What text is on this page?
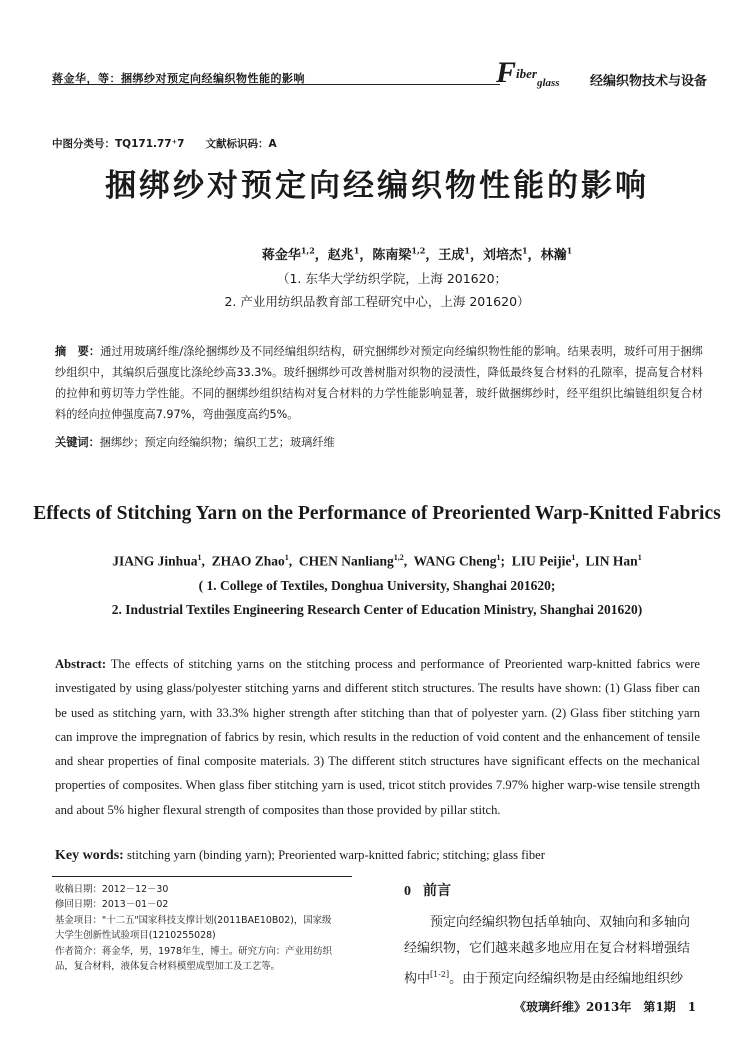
蒋金华，等：捆绑纱对预定向经编织物性能的影响	$F^{iber}_{glass}$ 经编织物技术与设备
中图分类号：TQ171.77⁺7　　文献标识码：A
捆绑纱对预定向经编织物性能的影响
蒋金华$^{1,2}$，赵兆$^1$，陈南梁$^{1,2}$，王成$^1$，刘培杰$^1$，林瀚$^1$
（1. 东华大学纺织学院，上海 201620；
2. 产业用纺织品教育部工程研究中心，上海 201620）
摘　要：通过用玻璃纤维/涤纶捆绑纱及不同经编组织结构，研究捆绑纱对预定向经编织物性能的影响。结果表明，玻纤可用于捆绑纱组织中，其编织后强度比涤纶纱高33.3%。玻纤捆绑纱可改善树脂对织物的浸渍性，降低最终复合材料的孔隙率，提高复合材料的拉伸和剪切等力学性能。不同的捆绑纱组织结构对复合材料的力学性能影响显著，玻纤做捆绑纱时，经平组织比编链组织复合材料的经向拉伸强度高7.97%，弯曲强度高约5%。
关键词：捆绑纱；预定向经编织物；编织工艺；玻璃纤维
Effects of Stitching Yarn on the Performance of Preoriented Warp-Knitted Fabrics
JIANG Jinhua$^1$,  ZHAO Zhao$^1$,  CHEN Nanliang$^{1,2}$,  WANG Cheng$^1$;  LIU Peijie$^1$,  LIN Han$^1$
( 1. College of Textiles, Donghua University, Shanghai 201620;
2. Industrial Textiles Engineering Research Center of Education Ministry, Shanghai 201620)
Abstract: The effects of stitching yarns on the stitching process and performance of Preoriented warp-knitted fabrics were investigated by using glass/polyester stitching yarns and different stitch structures. The results have shown: (1) Glass fiber can be used as stitching yarn, with 33.3% higher strength after stitching than that of polyester yarn. (2) Glass fiber stitching yarn can improve the impregnation of fabrics by resin, which results in the reduction of void content and the enhancement of tensile and shear properties of final composite materials. 3) The different stitch structures have significant effects on the mechanical properties of composites. When glass fiber stitching yarn is used, tricot stitch provides 7.97% higher warp-wise tensile strength and about 5% higher flexural strength of composites than those provided by pillar stitch.
Key words: stitching yarn (binding yarn); Preoriented warp-knitted fabric; stitching; glass fiber
收稿日期：2012－12－30
修回日期：2013－01－02
基金项目："十二五"国家科技支撑计划(2011BAE10B02)，国家级
大学生创新性试验项目(1210255028)
作者简介：蒋金华，男，1978年生，博士。研究方向：产业用纺织
品，复合材料，液体复合材料模塑成型加工及工艺等。
0 前言
预定向经编织物包括单轴向、双轴向和多轴向
经编织物，它们越来越多地应用在复合材料增强结
构中[1-2]。由于预定向经编织物是由经编地组织纱
《玻璃纤维》2013年　第1期　1
